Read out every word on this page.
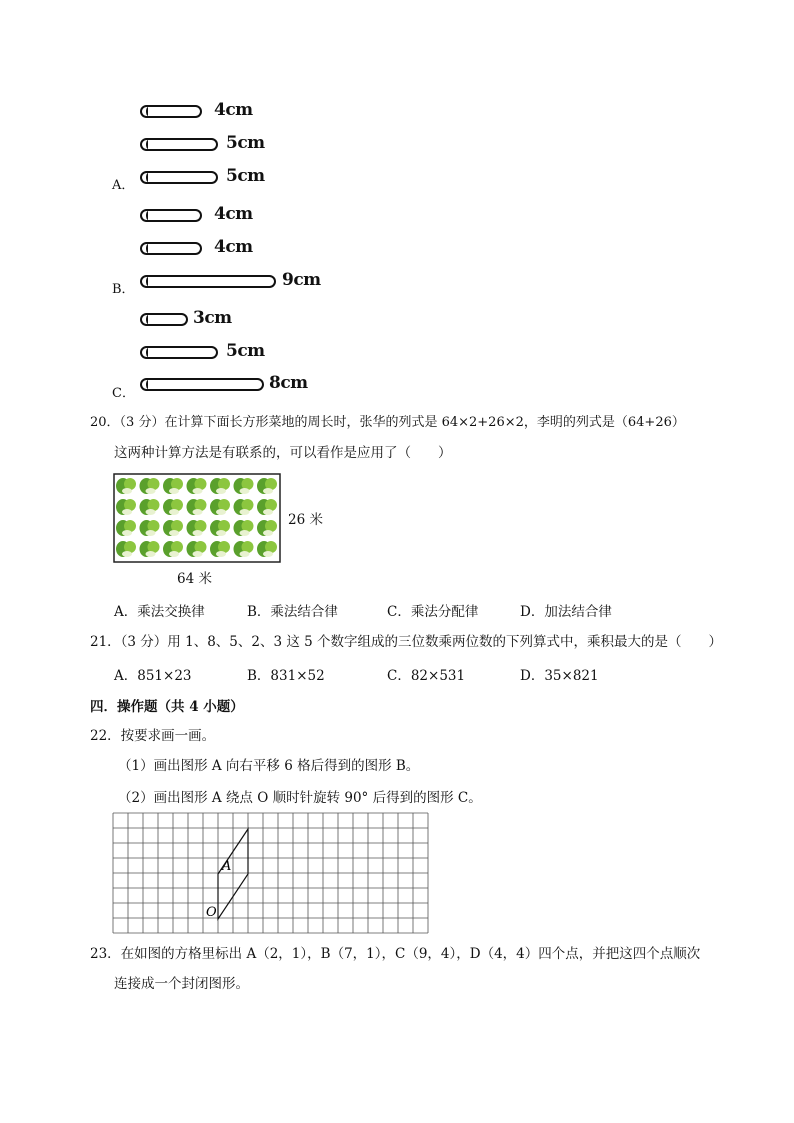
4cm
5cm
5cm
A．
4cm
4cm
9cm
B．
3cm
5cm
8cm
C．
20．（3 分）在计算下面长方形菜地的周长时，张华的列式是 64×2+26×2，李明的列式是（64+26）
这两种计算方法是有联系的，可以看作是应用了（　　）
26 米
64 米
A．乘法交换律	B．乘法结合律	C．乘法分配律	D．加法结合律
21．（3 分）用 1、8、5、2、3 这 5 个数字组成的三位数乘两位数的下列算式中，乘积最大的是（　　）
A．851×23	B．831×52	C．82×531	D．35×821
四．操作题（共 4 小题）
22．按要求画一画。
（1）画出图形 A 向右平移 6 格后得到的图形 B。
（2）画出图形 A 绕点 O 顺时针旋转 90° 后得到的图形 C。
A
O
23．在如图的方格里标出 A（2，1），B（7，1），C（9，4），D（4，4）四个点，并把这四个点顺次
连接成一个封闭图形。
